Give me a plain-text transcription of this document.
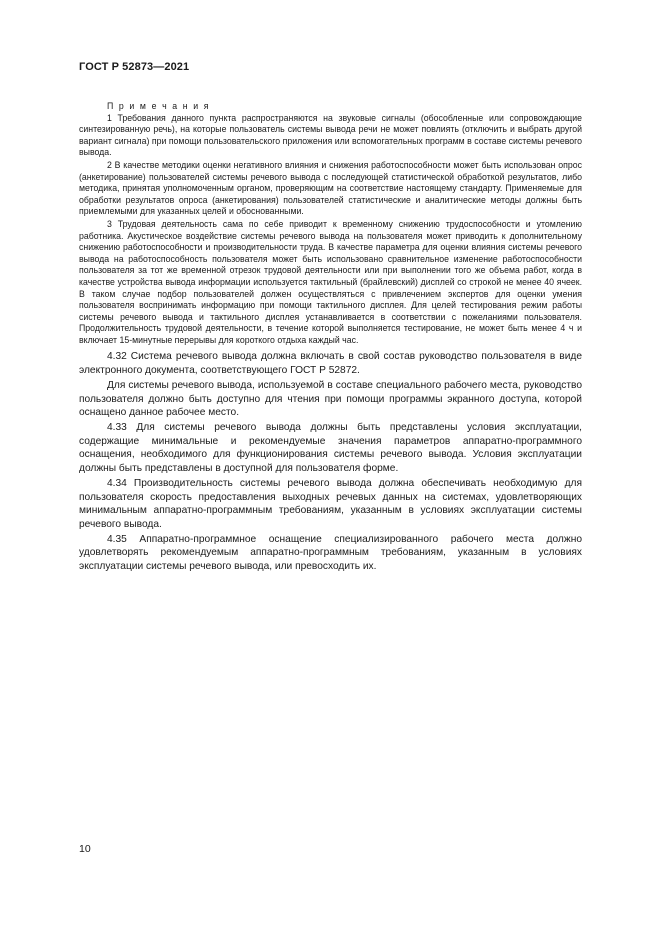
ГОСТ Р 52873—2021

П р и м е ч а н и я

1 Требования данного пункта распространяются на звуковые сигналы (обособленные или сопровождающие синтезированную речь), на которые пользователь системы вывода речи не может повлиять (отключить и выбрать другой вариант сигнала) при помощи пользовательского приложения или вспомогательных программ в составе системы речевого вывода.

2 В качестве методики оценки негативного влияния и снижения работоспособности может быть использован опрос (анкетирование) пользователей системы речевого вывода с последующей статистической обработкой результатов, либо методика, принятая уполномоченным органом, проверяющим на соответствие настоящему стандарту. Применяемые для обработки результатов опроса (анкетирования) пользователей статистические и аналитические методы должны быть приемлемыми для указанных целей и обоснованными.

3 Трудовая деятельность сама по себе приводит к временному снижению трудоспособности и утомлению работника. Акустическое воздействие системы речевого вывода на пользователя может приводить к дополнительному снижению работоспособности и производительности труда. В качестве параметра для оценки влияния системы речевого вывода на работоспособность пользователя может быть использовано сравнительное изменение работоспособности пользователя за тот же временной отрезок трудовой деятельности или при выполнении того же объема работ, когда в качестве устройства вывода информации используется тактильный (брайлевский) дисплей со строкой не менее 40 ячеек. В таком случае подбор пользователей должен осуществляться с привлечением экспертов для оценки умения пользователя воспринимать информацию при помощи тактильного дисплея. Для целей тестирования режим работы системы речевого вывода и тактильного дисплея устанавливается в соответствии с пожеланиями пользователя. Продолжительность трудовой деятельности, в течение которой выполняется тестирование, не может быть менее 4 ч и включает 15-минутные перерывы для короткого отдыха каждый час.

4.32 Система речевого вывода должна включать в свой состав руководство пользователя в виде электронного документа, соответствующего ГОСТ Р 52872.

Для системы речевого вывода, используемой в составе специального рабочего места, руководство пользователя должно быть доступно для чтения при помощи программы экранного доступа, которой оснащено данное рабочее место.

4.33 Для системы речевого вывода должны быть представлены условия эксплуатации, содержащие минимальные и рекомендуемые значения параметров аппаратно-программного оснащения, необходимого для функционирования системы речевого вывода. Условия эксплуатации должны быть представлены в доступной для пользователя форме.

4.34 Производительность системы речевого вывода должна обеспечивать необходимую для пользователя скорость предоставления выходных речевых данных на системах, удовлетворяющих минимальным аппаратно-программным требованиям, указанным в условиях эксплуатации системы речевого вывода.

4.35 Аппаратно-программное оснащение специализированного рабочего места должно удовлетворять рекомендуемым аппаратно-программным требованиям, указанным в условиях эксплуатации системы речевого вывода, или превосходить их.

10
